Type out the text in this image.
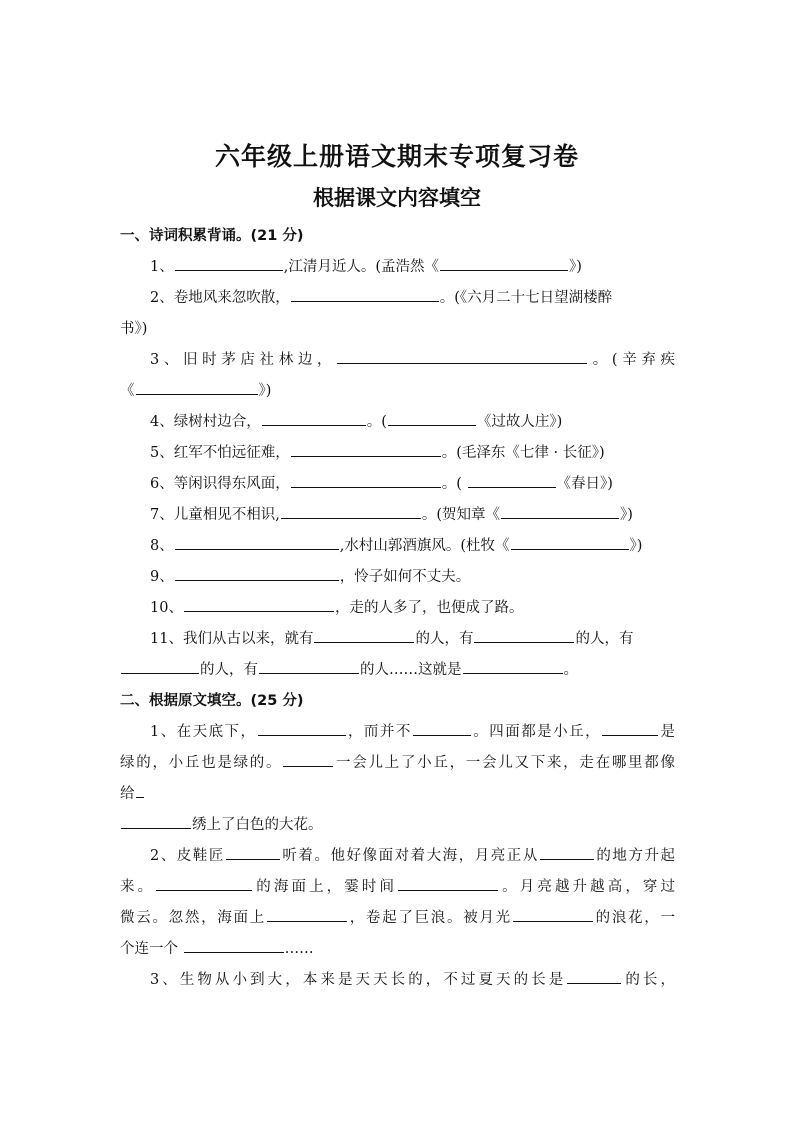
六年级上册语文期末专项复习卷
根据课文内容填空
一、诗词积累背诵。(21 分)
1、	,江清月近人。(孟浩然《	》)
2、卷地风来忽吹散，	。(《六月二十七日望湖楼醉
书》)
3、旧时茅店社林边，	。(辛弃疾
《	》)
4、绿树村边合，	。(	《过故人庄》)
5、红军不怕远征难，	。(毛泽东《七律 · 长征》)
6、等闲识得东风面，	。(	《春日》)
7、儿童相见不相识,	。(贺知章《	》)
8、	,水村山郭酒旗风。(杜牧《	》)
9、	，怜子如何不丈夫。
10、	，走的人多了，也便成了路。
11、我们从古以来，就有	的人，有	的人，有
的人，有	的人……这就是	。
二、根据原文填空。(25 分)
1、在天底下，	，而并不	。四面都是小丘，	是
绿的，小丘也是绿的。	一会儿上了小丘，一会儿又下来，走在哪里都像
给
绣上了白色的大花。
2、皮鞋匠	听着。他好像面对着大海，月亮正从	的地方升起
来。	的海面上，霎时间	。月亮越升越高，穿过
微云。忽然，海面上	，卷起了巨浪。被月光	的浪花，一
个连一个	……
3、生物从小到大，本来是天天长的，不过夏天的长是	的长，
